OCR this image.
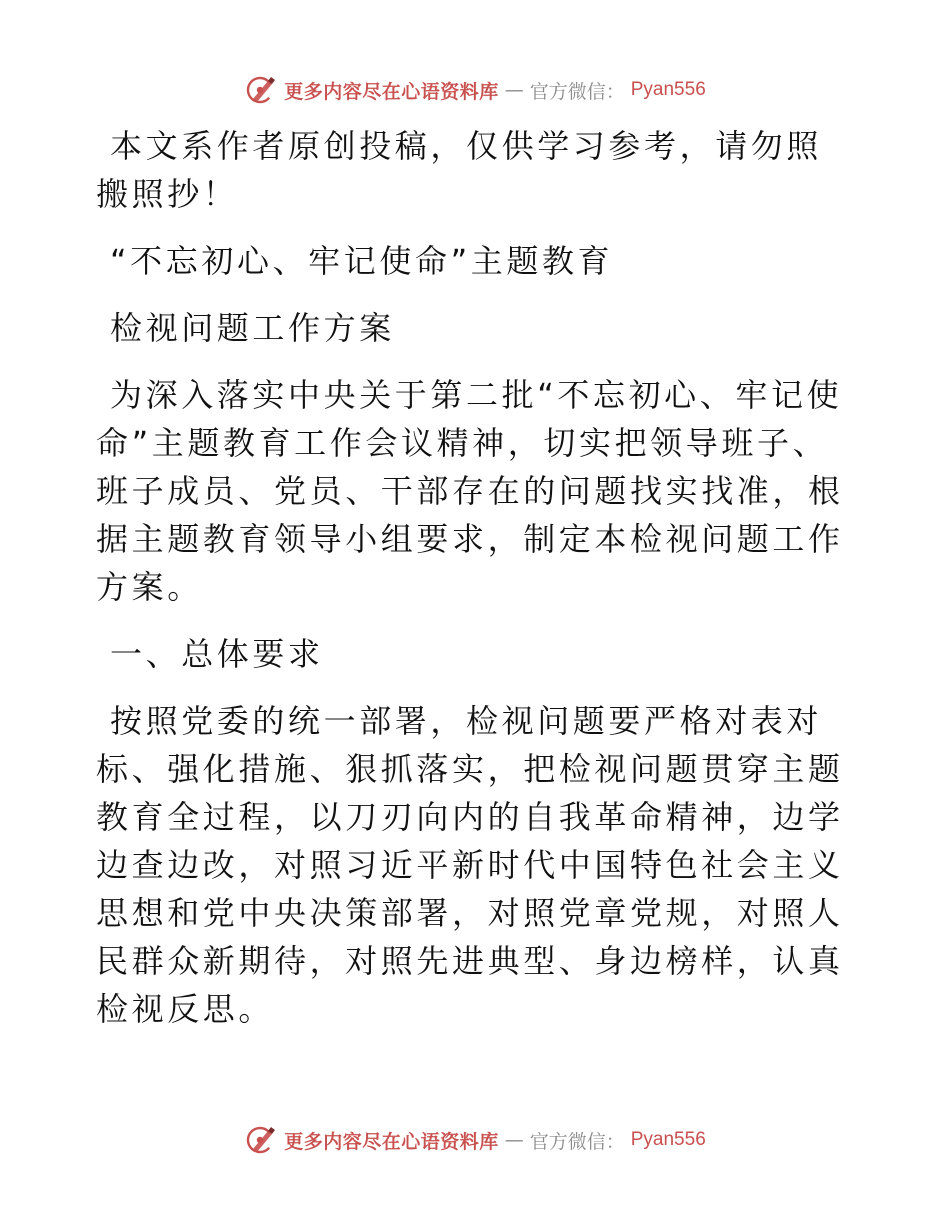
更多内容尽在心语资料库 — 官方微信： Pyan556

本文系作者原创投稿，仅供学习参考，请勿照搬照抄！

“不忘初心、牢记使命”主题教育

检视问题工作方案

为深入落实中央关于第二批“不忘初心、牢记使命”主题教育工作会议精神，切实把领导班子、班子成员、党员、干部存在的问题找实找准，根据主题教育领导小组要求，制定本检视问题工作方案。

一、总体要求

按照党委的统一部署，检视问题要严格对表对标、强化措施、狠抓落实，把检视问题贯穿主题教育全过程，以刀刃向内的自我革命精神，边学边查边改，对照习近平新时代中国特色社会主义思想和党中央决策部署，对照党章党规，对照人民群众新期待，对照先进典型、身边榜样，认真检视反思。

更多内容尽在心语资料库 — 官方微信： Pyan556
